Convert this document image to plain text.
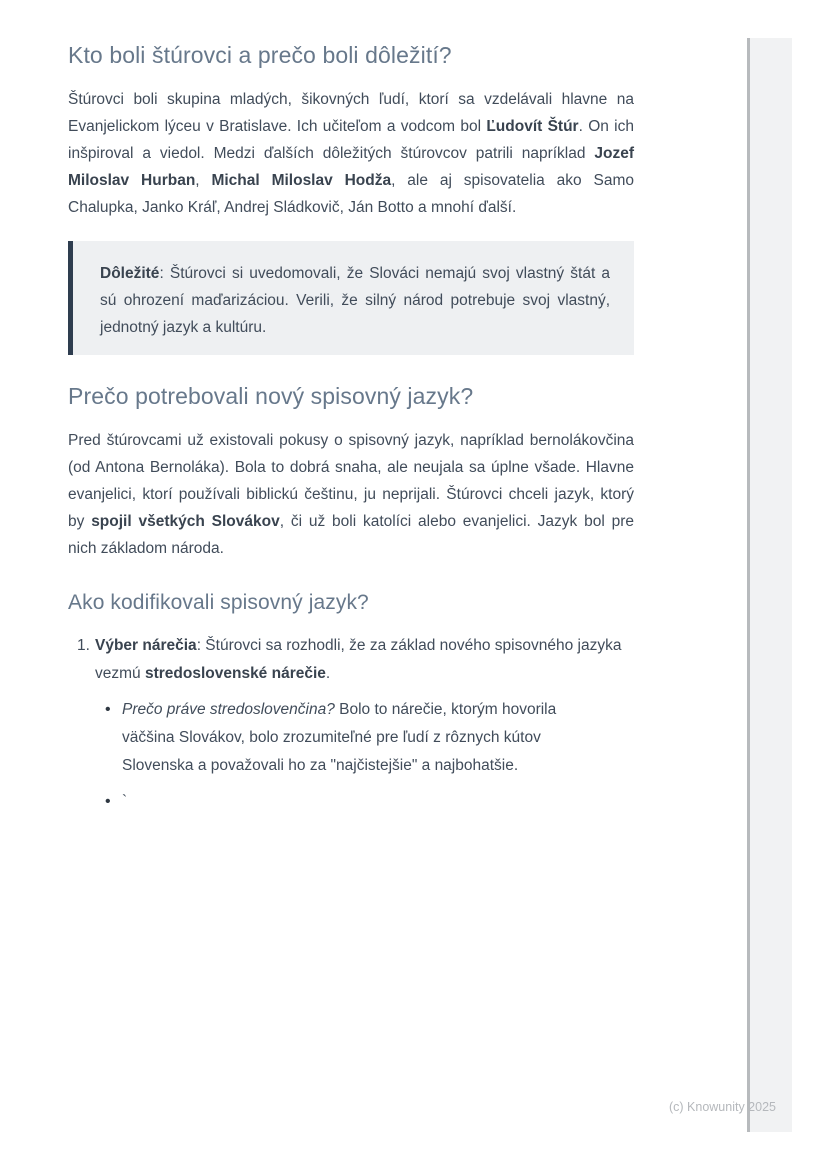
Kto boli štúrovci a prečo boli dôležití?

Štúrovci boli skupina mladých, šikovných ľudí, ktorí sa vzdelávali hlavne na Evanjelickom lýceu v Bratislave. Ich učiteľom a vodcom bol Ľudovít Štúr. On ich inšpiroval a viedol. Medzi ďalších dôležitých štúrovcov patrili napríklad Jozef Miloslav Hurban, Michal Miloslav Hodža, ale aj spisovatelia ako Samo Chalupka, Janko Kráľ, Andrej Sládkovič, Ján Botto a mnohí ďalší.

Dôležité: Štúrovci si uvedomovali, že Slováci nemajú svoj vlastný štát a sú ohrození maďarizáciou. Verili, že silný národ potrebuje svoj vlastný, jednotný jazyk a kultúru.

Prečo potrebovali nový spisovný jazyk?

Pred štúrovcami už existovali pokusy o spisovný jazyk, napríklad bernolákovčina (od Antona Bernoláka). Bola to dobrá snaha, ale neujala sa úplne všade. Hlavne evanjelici, ktorí používali biblickú češtinu, ju neprijali. Štúrovci chceli jazyk, ktorý by spojil všetkých Slovákov, či už boli katolíci alebo evanjelici. Jazyk bol pre nich základom národa.

Ako kodifikovali spisovný jazyk?
1. Výber nárečia: Štúrovci sa rozhodli, že za základ nového spisovného jazyka vezmú stredoslovenské nárečie.

• Prečo práve stredoslovenčina? Bolo to nárečie, ktorým hovorila väčšina Slovákov, bolo zrozumiteľné pre ľudí z rôznych kútov Slovenska a považovali ho za "najčistejšie" a najbohatšie.

• `

(c) Knowunity 2025
